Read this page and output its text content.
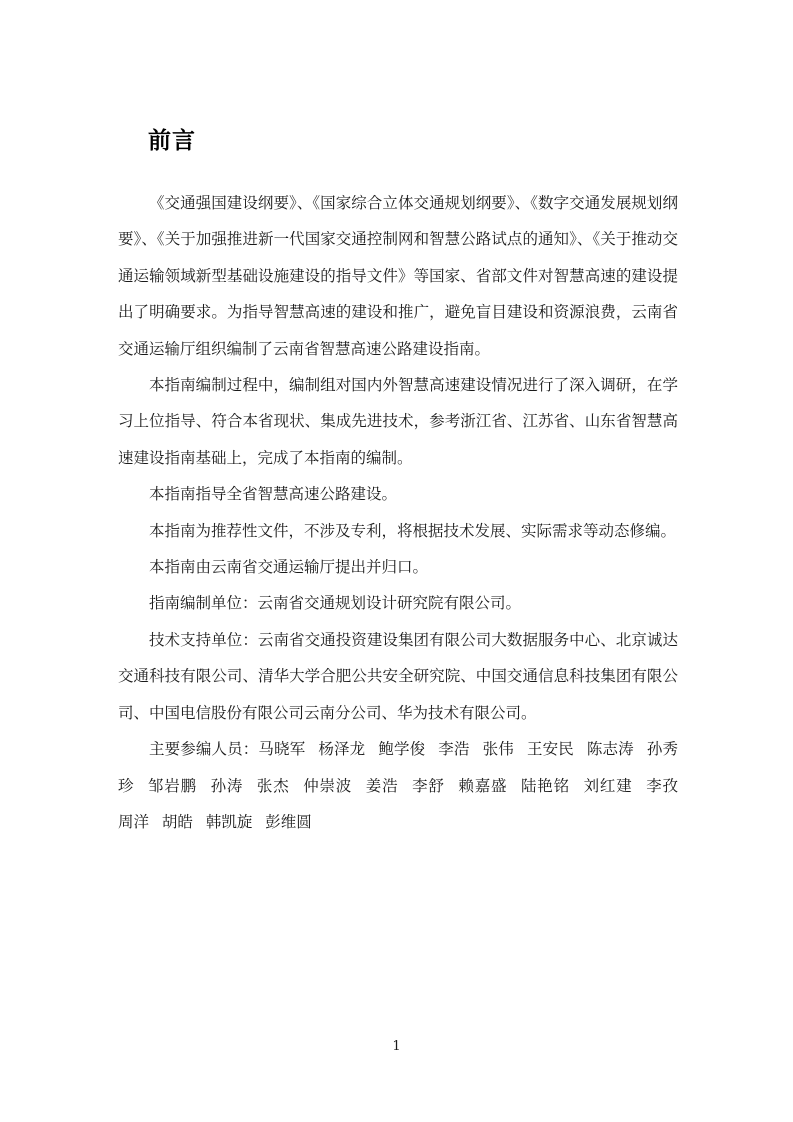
前言

《交通强国建设纲要》、《国家综合立体交通规划纲要》、《数字交通发展规划纲要》、《关于加强推进新一代国家交通控制网和智慧公路试点的通知》、《关于推动交通运输领域新型基础设施建设的指导文件》等国家、省部文件对智慧高速的建设提出了明确要求。为指导智慧高速的建设和推广，避免盲目建设和资源浪费，云南省交通运输厅组织编制了云南省智慧高速公路建设指南。

本指南编制过程中，编制组对国内外智慧高速建设情况进行了深入调研，在学习上位指导、符合本省现状、集成先进技术，参考浙江省、江苏省、山东省智慧高速建设指南基础上，完成了本指南的编制。

本指南指导全省智慧高速公路建设。

本指南为推荐性文件，不涉及专利，将根据技术发展、实际需求等动态修编。

本指南由云南省交通运输厅提出并归口。

指南编制单位：云南省交通规划设计研究院有限公司。

技术支持单位：云南省交通投资建设集团有限公司大数据服务中心、北京诚达交通科技有限公司、清华大学合肥公共安全研究院、中国交通信息科技集团有限公司、中国电信股份有限公司云南分公司、华为技术有限公司。

主要参编人员：马晓军 杨泽龙 鲍学俊 李浩 张伟 王安民 陈志涛 孙秀珍 邹岩鹏 孙涛 张杰 仲崇波 姜浩 李舒 赖嘉盛 陆艳铭 刘红建 李孜 周洋 胡皓 韩凯旋 彭维圆

1
